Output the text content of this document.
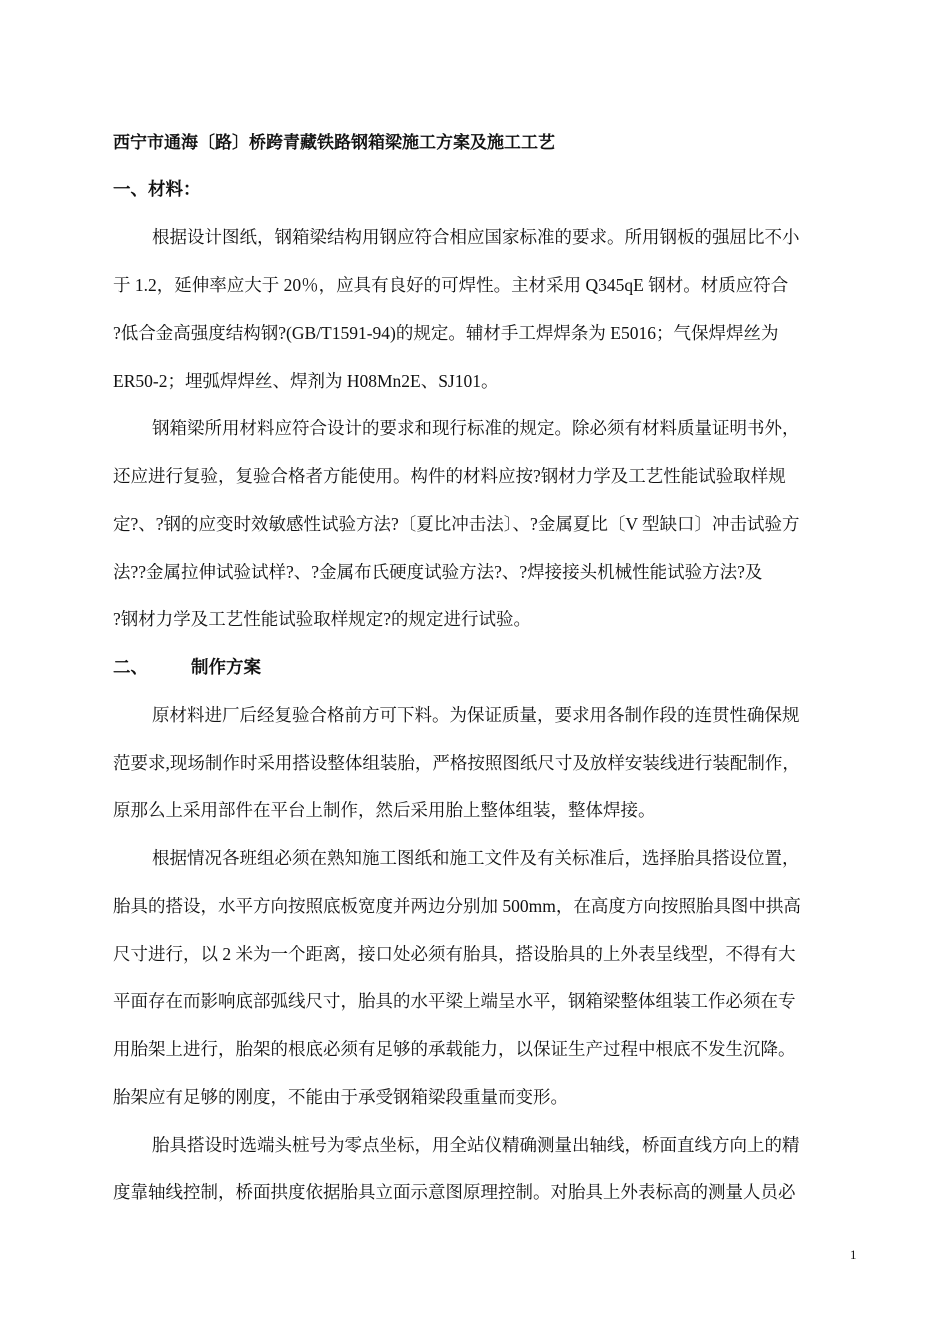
西宁市通海〔路〕桥跨青藏铁路钢箱梁施工方案及施工工艺
一、材料：
根据设计图纸，钢箱梁结构用钢应符合相应国家标准的要求。所用钢板的强屈比不小
于 1.2，延伸率应大于 20％，应具有良好的可焊性。主材采用 Q345qE 钢材。材质应符合
?低合金高强度结构钢?(GB/T1591-94)的规定。辅材手工焊焊条为 E5016；气保焊焊丝为
ER50-2；埋弧焊焊丝、焊剂为 H08Mn2E、SJ101。
钢箱梁所用材料应符合设计的要求和现行标准的规定。除必须有材料质量证明书外，
还应进行复验，复验合格者方能使用。构件的材料应按?钢材力学及工艺性能试验取样规
定?、?钢的应变时效敏感性试验方法?〔夏比冲击法〕、?金属夏比〔V 型缺口〕冲击试验方
法??金属拉伸试验试样?、?金属布氏硬度试验方法?、?焊接接头机械性能试验方法?及
?钢材力学及工艺性能试验取样规定?的规定进行试验。
二、 制作方案
原材料进厂后经复验合格前方可下料。为保证质量，要求用各制作段的连贯性确保规
范要求,现场制作时采用搭设整体组装胎，严格按照图纸尺寸及放样安装线进行装配制作，
原那么上采用部件在平台上制作，然后采用胎上整体组装，整体焊接。
根据情况各班组必须在熟知施工图纸和施工文件及有关标准后，选择胎具搭设位置，
胎具的搭设，水平方向按照底板宽度并两边分别加 500mm，在高度方向按照胎具图中拱高
尺寸进行，以 2 米为一个距离，接口处必须有胎具，搭设胎具的上外表呈线型，不得有大
平面存在而影响底部弧线尺寸，胎具的水平梁上端呈水平，钢箱梁整体组装工作必须在专
用胎架上进行，胎架的根底必须有足够的承载能力，以保证生产过程中根底不发生沉降。
胎架应有足够的刚度，不能由于承受钢箱梁段重量而变形。
胎具搭设时选端头桩号为零点坐标，用全站仪精确测量出轴线，桥面直线方向上的精
度靠轴线控制，桥面拱度依据胎具立面示意图原理控制。对胎具上外表标高的测量人员必
1
